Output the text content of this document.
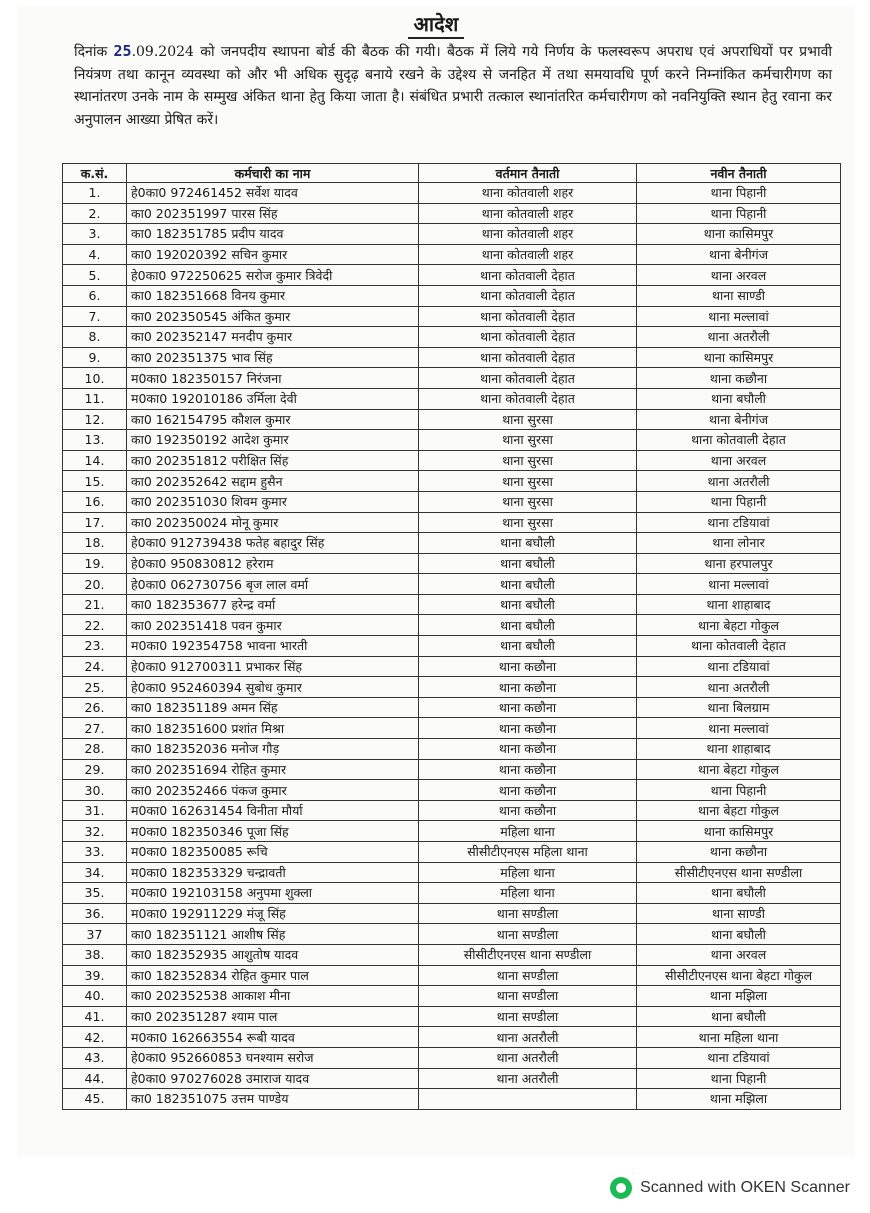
आदेश
दिनांक 25.09.2024 को जनपदीय स्थापना बोर्ड की बैठक की गयी। बैठक में लिये गये निर्णय के फलस्वरूप अपराध एवं अपराधियों पर प्रभावी नियंत्रण तथा कानून व्यवस्था को और भी अधिक सुदृढ़ बनाये रखने के उद्देश्य से जनहित में तथा समयावधि पूर्ण करने निम्नांकित कर्मचारीगण का स्थानांतरण उनके नाम के सम्मुख अंकित थाना हेतु किया जाता है। संबंधित प्रभारी तत्काल स्थानांतरित कर्मचारीगण को नवनियुक्ति स्थान हेतु रवाना कर अनुपालन आख्या प्रेषित करें।
क.सं.	कर्मचारी का नाम	वर्तमान तैनाती	नवीन तैनाती
1.	हे0का0 972461452 सर्वेश यादव	थाना कोतवाली शहर	थाना पिहानी
2.	का0 202351997 पारस सिंह	थाना कोतवाली शहर	थाना पिहानी
3.	का0 182351785 प्रदीप यादव	थाना कोतवाली शहर	थाना कासिमपुर
4.	का0 192020392 सचिन कुमार	थाना कोतवाली शहर	थाना बेनीगंज
5.	हे0का0 972250625 सरोज कुमार त्रिवेदी	थाना कोतवाली देहात	थाना अरवल
6.	का0 182351668 विनय कुमार	थाना कोतवाली देहात	थाना साण्डी
7.	का0 202350545 अंकित कुमार	थाना कोतवाली देहात	थाना मल्लावां
8.	का0 202352147 मनदीप कुमार	थाना कोतवाली देहात	थाना अतरौली
9.	का0 202351375 भाव सिंह	थाना कोतवाली देहात	थाना कासिमपुर
10.	म0का0 182350157 निरंजना	थाना कोतवाली देहात	थाना कछौना
11.	म0का0 192010186 उर्मिला देवी	थाना कोतवाली देहात	थाना बघौली
12.	का0 162154795 कौशल कुमार	थाना सुरसा	थाना बेनीगंज
13.	का0 192350192 आदेश कुमार	थाना सुरसा	थाना कोतवाली देहात
14.	का0 202351812 परीक्षित सिंह	थाना सुरसा	थाना अरवल
15.	का0 202352642 सद्दाम हुसैन	थाना सुरसा	थाना अतरौली
16.	का0 202351030 शिवम कुमार	थाना सुरसा	थाना पिहानी
17.	का0 202350024 मोनू कुमार	थाना सुरसा	थाना टडियावां
18.	हे0का0 912739438 फतेह बहादुर सिंह	थाना बघौली	थाना लोनार
19.	हे0का0 950830812 हरेराम	थाना बघौली	थाना हरपालपुर
20.	हे0का0 062730756 बृज लाल वर्मा	थाना बघौली	थाना मल्लावां
21.	का0 182353677 हरेन्द्र वर्मा	थाना बघौली	थाना शाहाबाद
22.	का0 202351418 पवन कुमार	थाना बघौली	थाना बेहटा गोकुल
23.	म0का0 192354758 भावना भारती	थाना बघौली	थाना कोतवाली देहात
24.	हे0का0 912700311 प्रभाकर सिंह	थाना कछौना	थाना टडियावां
25.	हे0का0 952460394 सुबोध कुमार	थाना कछौना	थाना अतरौली
26.	का0 182351189 अमन सिंह	थाना कछौना	थाना बिलग्राम
27.	का0 182351600 प्रशांत मिश्रा	थाना कछौना	थाना मल्लावां
28.	का0 182352036 मनोज गौड़	थाना कछौना	थाना शाहाबाद
29.	का0 202351694 रोहित कुमार	थाना कछौना	थाना बेहटा गोकुल
30.	का0 202352466 पंकज कुमार	थाना कछौना	थाना पिहानी
31.	म0का0 162631454 विनीता मौर्या	थाना कछौना	थाना बेहटा गोकुल
32.	म0का0 182350346 पूजा सिंह	महिला थाना	थाना कासिमपुर
33.	म0का0 182350085 रूचि	सीसीटीएनएस महिला थाना	थाना कछौना
34.	म0का0 182353329 चन्द्रावती	महिला थाना	सीसीटीएनएस थाना सण्डीला
35.	म0का0 192103158 अनुपमा शुक्ला	महिला थाना	थाना बघौली
36.	म0का0 192911229 मंजू सिंह	थाना सण्डीला	थाना साण्डी
37	का0 182351121 आशीष सिंह	थाना सण्डीला	थाना बघौली
38.	का0 182352935 आशुतोष यादव	सीसीटीएनएस थाना सण्डीला	थाना अरवल
39.	का0 182352834 रोहित कुमार पाल	थाना सण्डीला	सीसीटीएनएस थाना बेहटा गोकुल
40.	का0 202352538 आकाश मीना	थाना सण्डीला	थाना मझिला
41.	का0 202351287 श्याम पाल	थाना सण्डीला	थाना बघौली
42.	म0का0 162663554 रूबी यादव	थाना अतरौली	थाना महिला थाना
43.	हे0का0 952660853 घनश्याम सरोज	थाना अतरौली	थाना टडियावां
44.	हे0का0 970276028 उमाराज यादव	थाना अतरौली	थाना पिहानी
45.	का0 182351075 उत्तम पाण्डेय		थाना मझिला
Scanned with OKEN Scanner
